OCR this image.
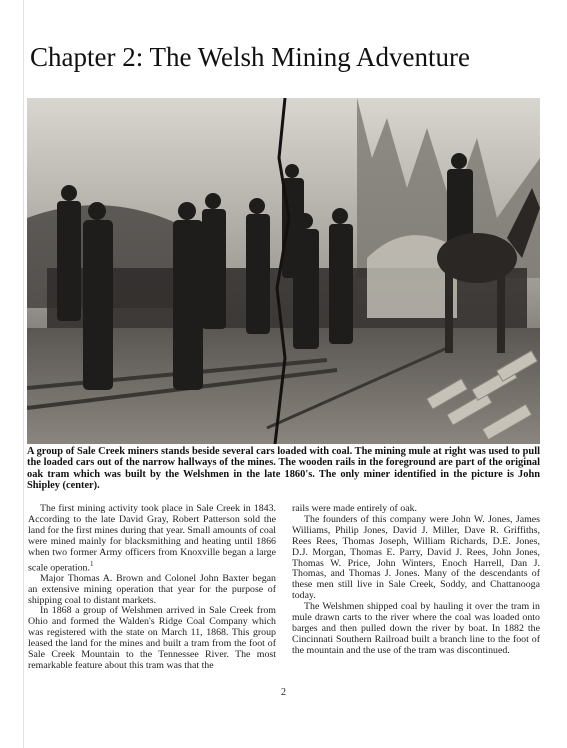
Chapter 2: The Welsh Mining Adventure

A group of Sale Creek miners stands beside several cars loaded with coal. The mining mule at right was used to pull the loaded cars out of the narrow hallways of the mines. The wooden rails in the foreground are part of the original oak tram which was built by the Welshmen in the late 1860's. The only miner identified in the picture is John Shipley (center).

The first mining activity took place in Sale Creek in 1843. According to the late David Gray, Robert Patterson sold the land for the first mines during that year. Small amounts of coal were mined mainly for blacksmithing and heating until 1866 when two former Army officers from Knoxville began a large scale operation.$^1$

Major Thomas A. Brown and Colonel John Baxter began an extensive mining operation that year for the purpose of shipping coal to distant markets.

In 1868 a group of Welshmen arrived in Sale Creek from Ohio and formed the Walden's Ridge Coal Company which was registered with the state on March 11, 1868. This group leased the land for the mines and built a tram from the foot of Sale Creek Mountain to the Tennessee River. The most remarkable feature about this tram was that the

rails were made entirely of oak.

The founders of this company were John W. Jones, James Williams, Philip Jones, David J. Miller, Dave R. Griffiths, Rees Rees, Thomas Joseph, William Richards, D.E. Jones, D.J. Morgan, Thomas E. Parry, David J. Rees, John Jones, Thomas W. Price, John Winters, Enoch Harrell, Dan J. Thomas, and Thomas J. Jones. Many of the descendants of these men still live in Sale Creek, Soddy, and Chattanooga today.

The Welshmen shipped coal by hauling it over the tram in mule drawn carts to the river where the coal was loaded onto barges and then pulled down the river by boat. In 1882 the Cincinnati Southern Railroad built a branch line to the foot of the mountain and the use of the tram was discontinued.

2
